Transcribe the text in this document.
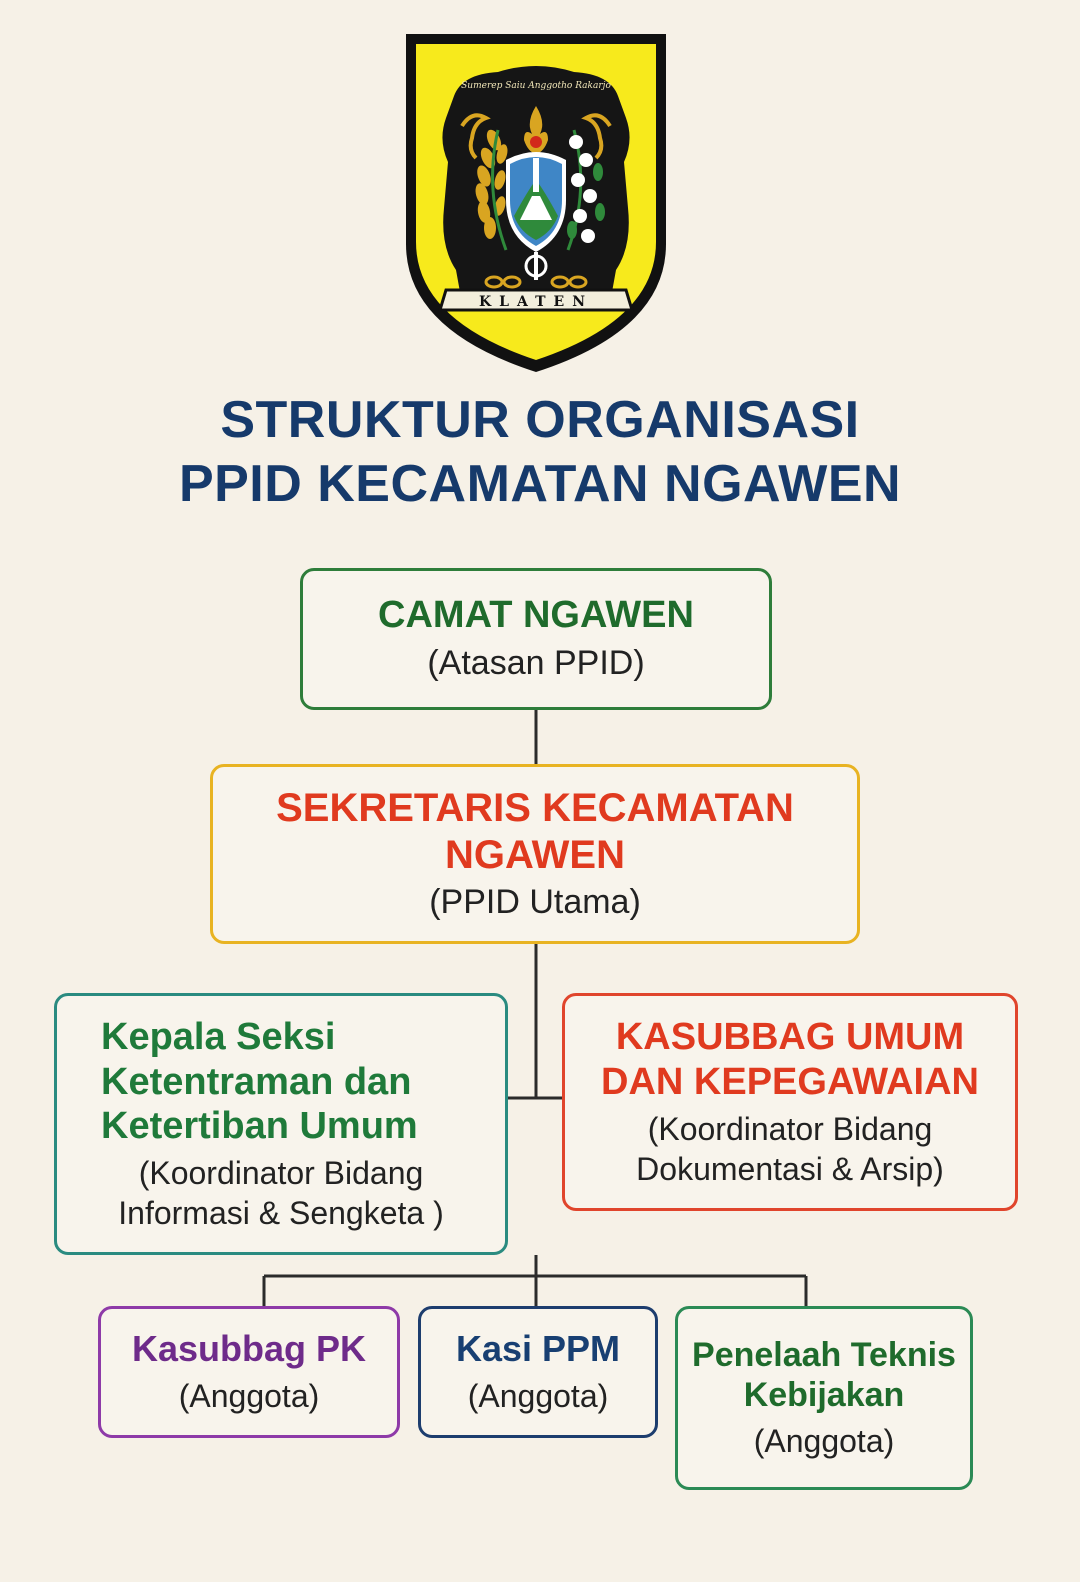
Sumerep Saiu Anggotho Rakarjo
KLATEN
STRUKTUR ORGANISASI
PPID KECAMATAN NGAWEN
CAMAT NGAWEN
(Atasan PPID)
SEKRETARIS KECAMATAN NGAWEN
(PPID Utama)
Kepala Seksi Ketentraman dan Ketertiban Umum
(Koordinator Bidang Informasi & Sengketa )
KASUBBAG UMUM DAN KEPEGAWAIAN
(Koordinator Bidang Dokumentasi & Arsip)
Kasubbag PK
(Anggota)
Kasi PPM
(Anggota)
Penelaah Teknis Kebijakan
(Anggota)
